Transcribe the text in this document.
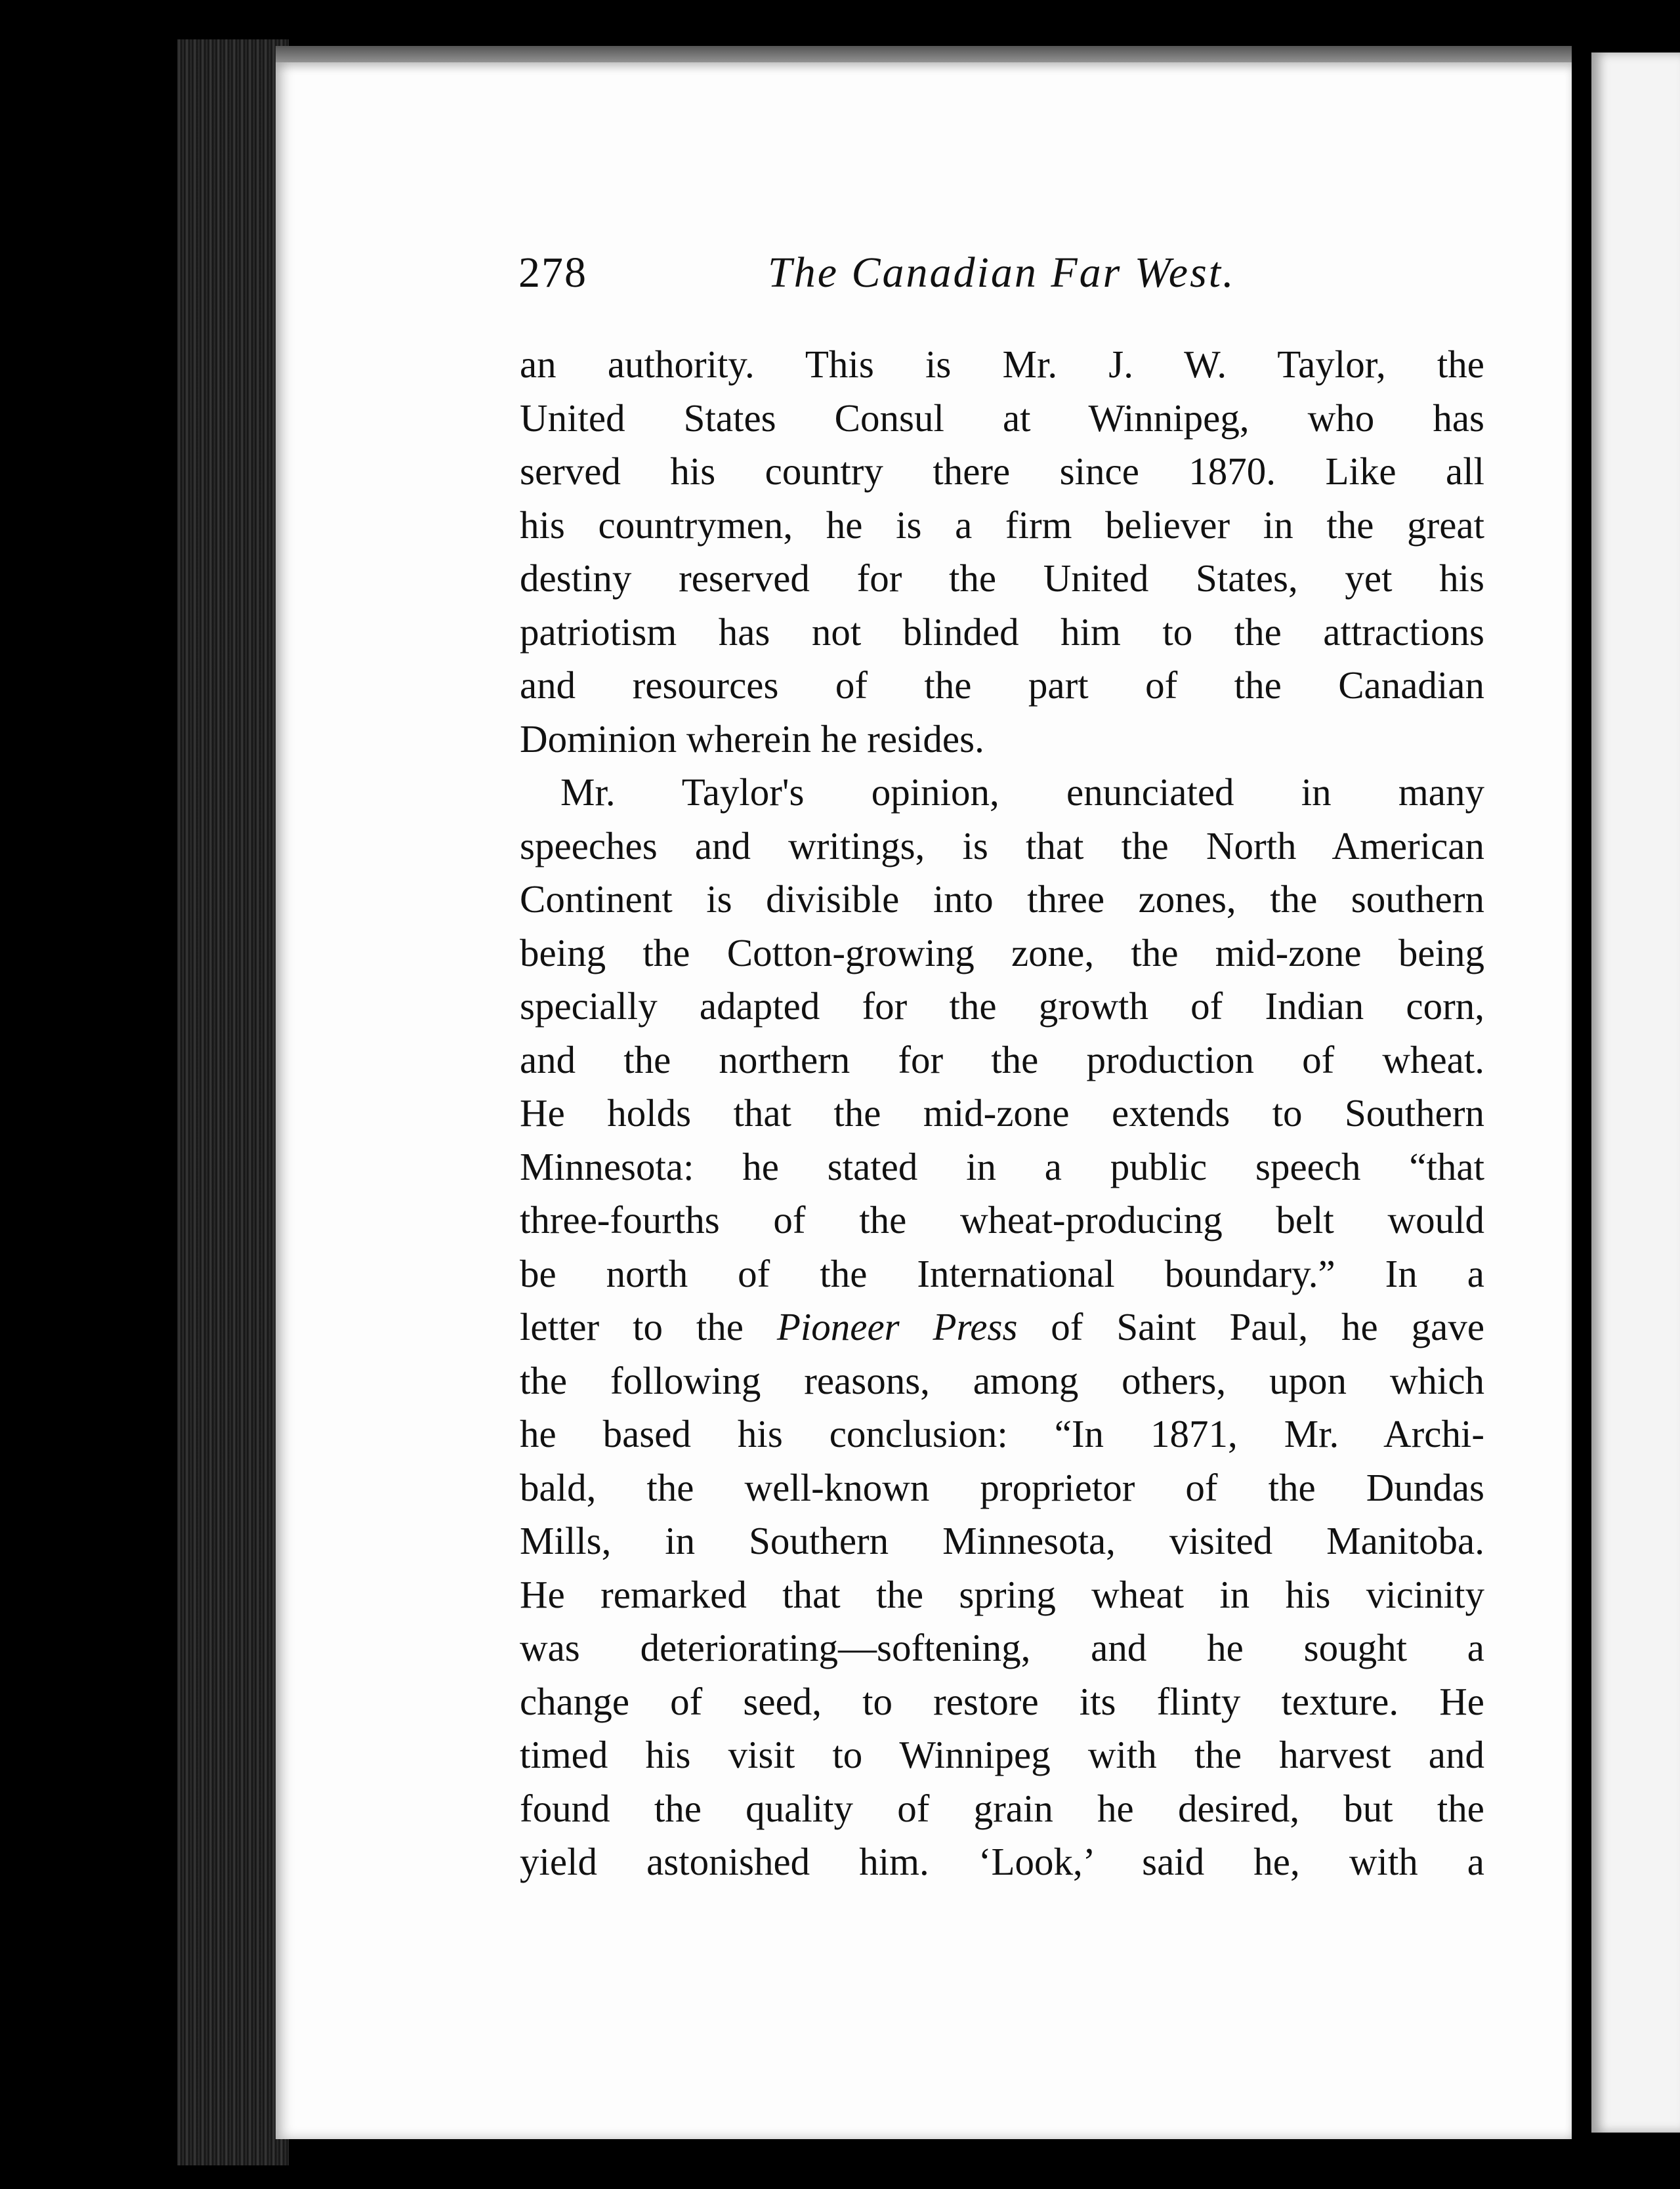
278	The Canadian Far West.
an authority. This is Mr. J. W. Taylor, the
United States Consul at Winnipeg, who has
served his country there since 1870. Like all
his countrymen, he is a firm believer in the great
destiny reserved for the United States, yet his
patriotism has not blinded him to the attractions
and resources of the part of the Canadian
Dominion wherein he resides.
Mr. Taylor's opinion, enunciated in many
speeches and writings, is that the North American
Continent is divisible into three zones, the southern
being the Cotton-growing zone, the mid-zone being
specially adapted for the growth of Indian corn,
and the northern for the production of wheat.
He holds that the mid-zone extends to Southern
Minnesota: he stated in a public speech “that
three-fourths of the wheat-producing belt would
be north of the International boundary.” In a
letter to the Pioneer Press of Saint Paul, he gave
the following reasons, among others, upon which
he based his conclusion: “In 1871, Mr. Archi-
bald, the well-known proprietor of the Dundas
Mills, in Southern Minnesota, visited Manitoba.
He remarked that the spring wheat in his vicinity
was deteriorating—softening, and he sought a
change of seed, to restore its flinty texture. He
timed his visit to Winnipeg with the harvest and
found the quality of grain he desired, but the
yield astonished him. ‘Look,’ said he, with a
